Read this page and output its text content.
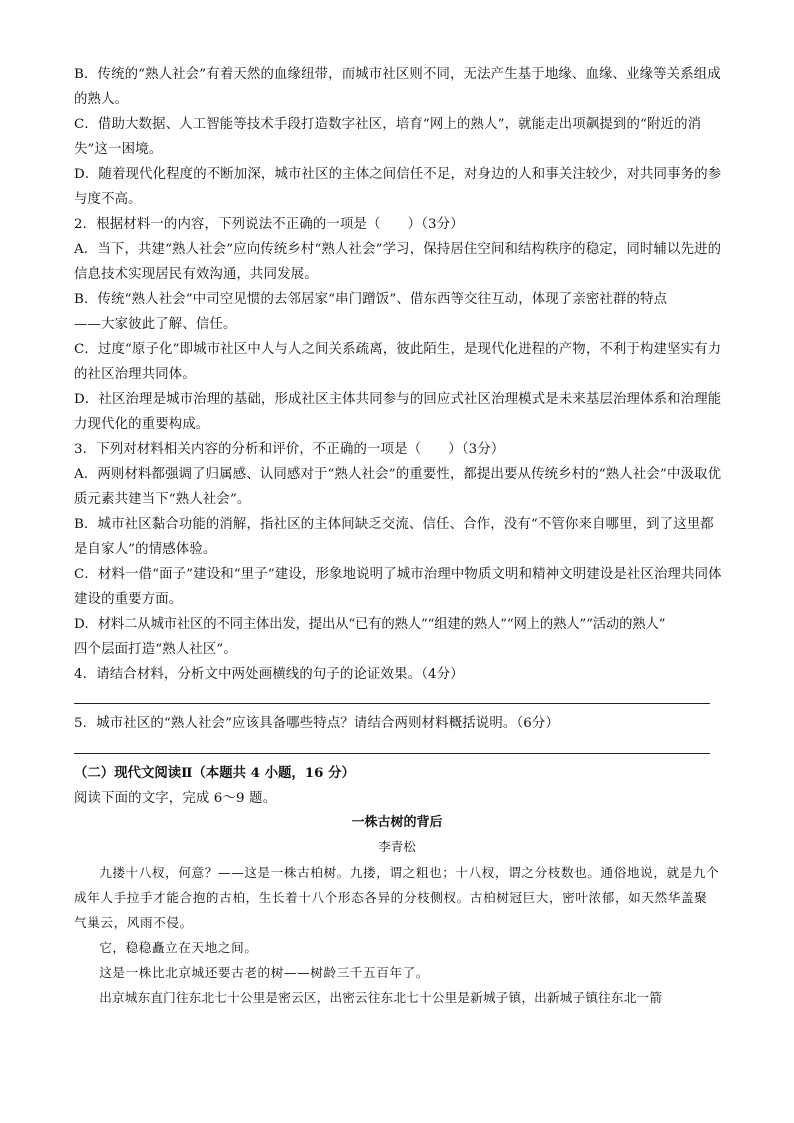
B．传统的“熟人社会”有着天然的血缘纽带，而城市社区则不同，无法产生基于地缘、血缘、业缘等关系组成的熟人。

C．借助大数据、人工智能等技术手段打造数字社区，培育“网上的熟人”，就能走出项飙提到的“附近的消失”这一困境。

D．随着现代化程度的不断加深，城市社区的主体之间信任不足，对身边的人和事关注较少，对共同事务的参与度不高。

2．根据材料一的内容，下列说法不正确的一项是（　　）（3分）

A．当下，共建“熟人社会”应向传统乡村“熟人社会”学习，保持居住空间和结构秩序的稳定，同时辅以先进的信息技术实现居民有效沟通，共同发展。

B．传统“熟人社会”中司空见惯的去邻居家“串门蹭饭”、借东西等交往互动，体现了亲密社群的特点

——大家彼此了解、信任。

C．过度“原子化”即城市社区中人与人之间关系疏离，彼此陌生，是现代化进程的产物，不利于构建坚实有力的社区治理共同体。

D．社区治理是城市治理的基础，形成社区主体共同参与的回应式社区治理模式是未来基层治理体系和治理能力现代化的重要构成。

3．下列对材料相关内容的分析和评价，不正确的一项是（　　）（3分）

A．两则材料都强调了归属感、认同感对于“熟人社会”的重要性，都提出要从传统乡村的“熟人社会”中汲取优质元素共建当下“熟人社会”。

B．城市社区黏合功能的消解，指社区的主体间缺乏交流、信任、合作，没有“不管你来自哪里，到了这里都是自家人”的情感体验。

C．材料一借“面子”建设和“里子”建设，形象地说明了城市治理中物质文明和精神文明建设是社区治理共同体建设的重要方面。

D．材料二从城市社区的不同主体出发，提出从“已有的熟人”“组建的熟人”“网上的熟人”“活动的熟人”

四个层面打造“熟人社区”。

4．请结合材料，分析文中两处画横线的句子的论证效果。（4分）

5．城市社区的“熟人社会”应该具备哪些特点？请结合两则材料概括说明。（6分）

（二）现代文阅读Ⅱ（本题共 4 小题，16 分）

阅读下面的文字，完成 6～9 题。

一株古树的背后
李青松

九搂十八杈，何意？——这是一株古柏树。九搂，谓之粗也；十八杈，谓之分枝数也。通俗地说，就是九个成年人手拉手才能合抱的古柏，生长着十八个形态各异的分枝侧杈。古柏树冠巨大，密叶浓郁，如天然华盖聚气巢云，风雨不侵。

它，稳稳矗立在天地之间。

这是一株比北京城还要古老的树——树龄三千五百年了。

出京城东直门往东北七十公里是密云区，出密云往东北七十公里是新城子镇，出新城子镇往东北一箭
